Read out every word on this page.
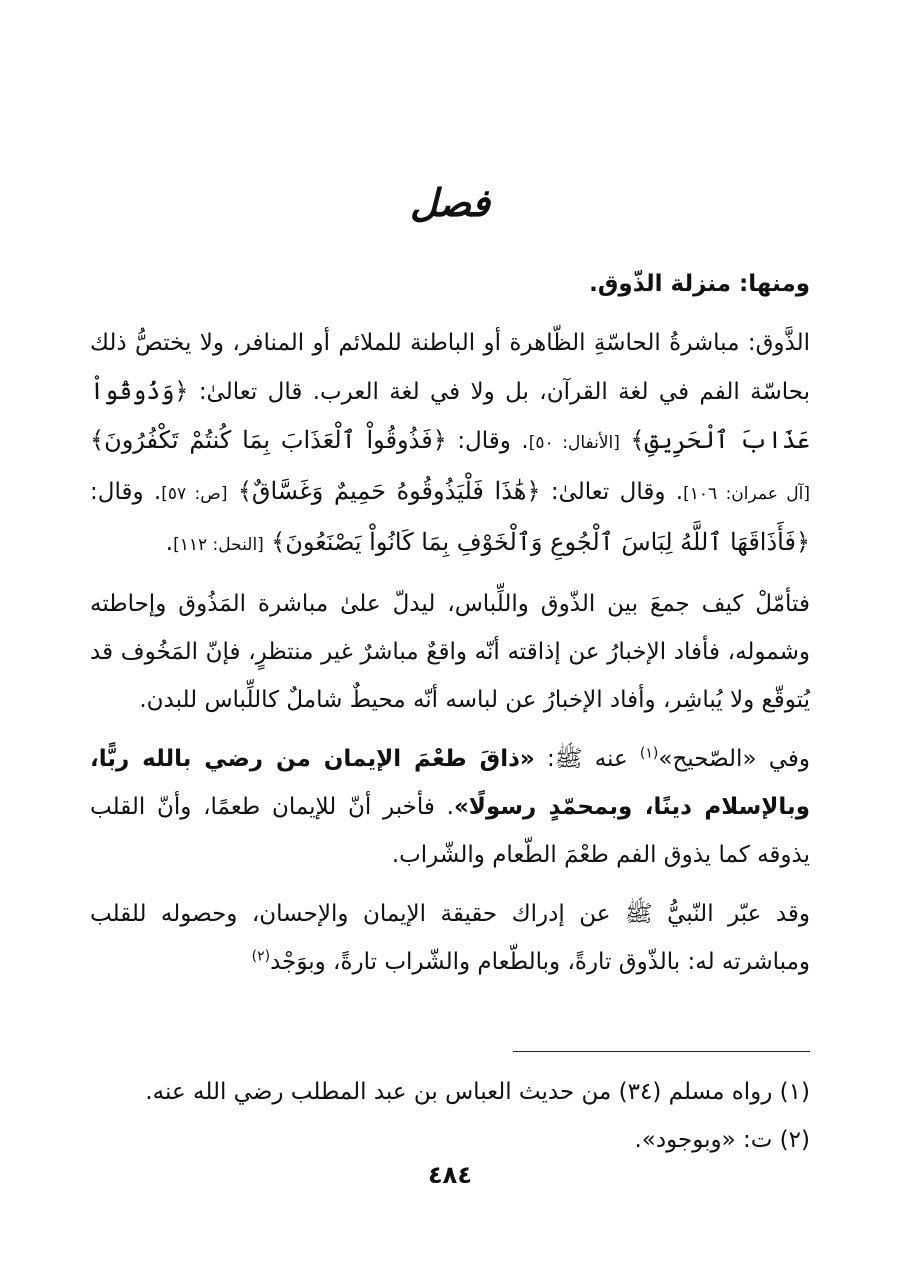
فصل

ومنها: منزلة الذّوق.

الذَّوق: مباشرةُ الحاسّةِ الظّاهرة أو الباطنة للملائم أو المنافر، ولا يختصُّ ذلك بحاسّة الفم في لغة القرآن، بل ولا في لغة العرب. قال تعالىٰ: ﴿وَذُوقُواْ عَذَابَ ٱلْحَرِيقِ﴾ [الأنفال: ٥٠]. وقال: ﴿فَذُوقُواْ ٱلْعَذَابَ بِمَا كُنتُمْ تَكْفُرُونَ﴾ [آل عمران: ١٠٦]. وقال تعالىٰ: ﴿هَٰذَا فَلْيَذُوقُوهُ حَمِيمٌ وَغَسَّاقٌ﴾ [ص: ٥٧]. وقال: ﴿فَأَذَاقَهَا ٱللَّهُ لِبَاسَ ٱلْجُوعِ وَٱلْخَوْفِ بِمَا كَانُواْ يَصْنَعُونَ﴾ [النحل: ١١٢].

فتأمّلْ كيف جمعَ بين الذّوق واللِّباس، ليدلّ علىٰ مباشرة المَذُوق وإحاطته وشموله، فأفاد الإخبارُ عن إذاقته أنّه واقعٌ مباشرٌ غير منتظرٍ، فإنّ المَخُوف قد يُتوقّع ولا يُباشِر، وأفاد الإخبارُ عن لباسه أنّه محيطٌ شاملٌ كاللِّباس للبدن.

وفي «الصّحيح»$^{(١)}$ عنه ﷺ: «ذاقَ طعْمَ الإيمان من رضي بالله ربًّا، وبالإسلام دينًا، وبمحمّدٍ رسولًا». فأخبر أنّ للإيمان طعمًا، وأنّ القلب يذوقه كما يذوق الفم طعْمَ الطّعام والشّراب.

وقد عبّر النّبيُّ ﷺ عن إدراك حقيقة الإيمان والإحسان، وحصوله للقلب ومباشرته له: بالذّوق تارةً، وبالطّعام والشّراب تارةً، وبوَجْد$^{(٢)}$

(١) رواه مسلم (٣٤) من حديث العباس بن عبد المطلب رضي الله عنه.

(٢) ت: «وبوجود».

٤٨٤
